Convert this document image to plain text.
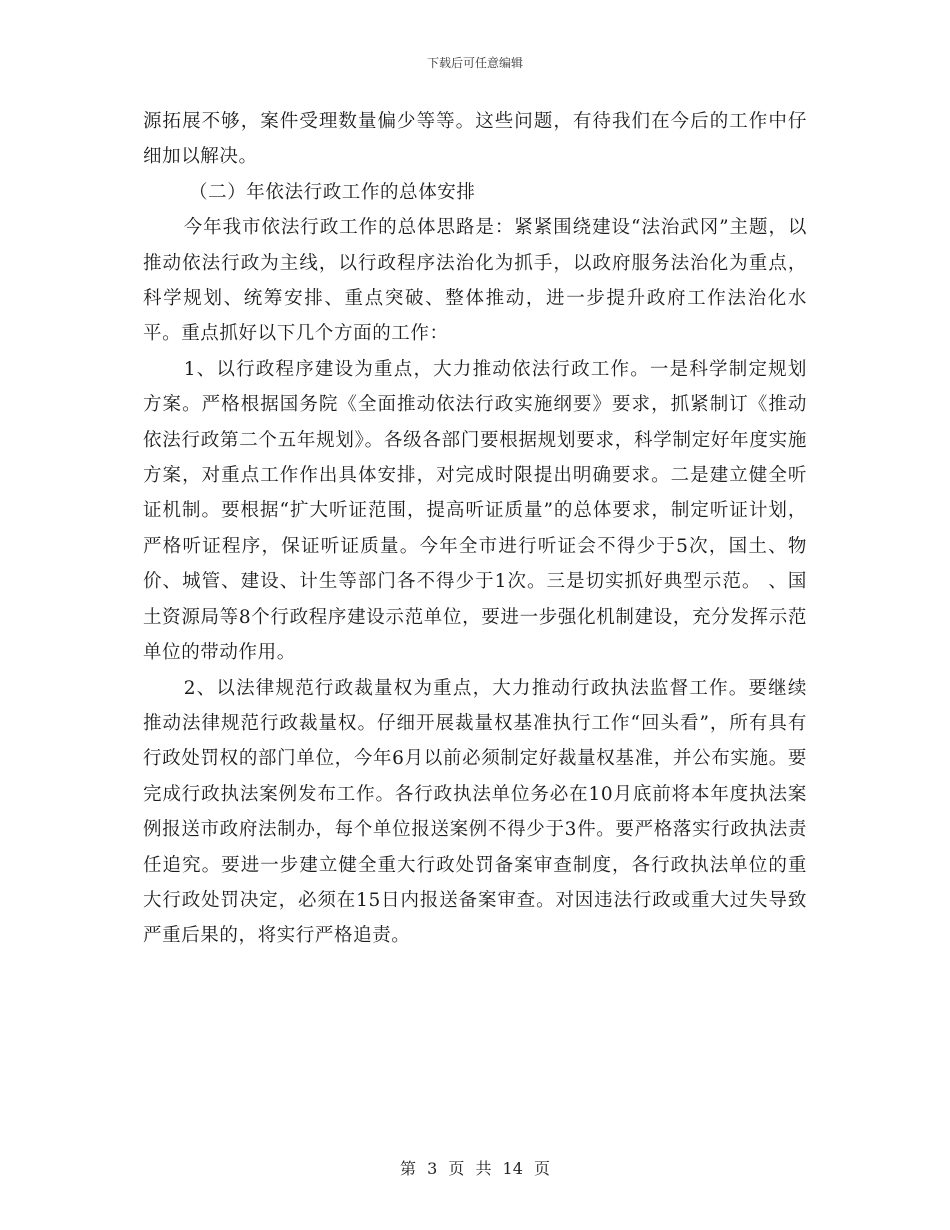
下载后可任意编辑

源拓展不够，案件受理数量偏少等等。这些问题，有待我们在今后的工作中仔细加以解决。

（二）年依法行政工作的总体安排

今年我市依法行政工作的总体思路是：紧紧围绕建设“法治武冈”主题，以推动依法行政为主线，以行政程序法治化为抓手，以政府服务法治化为重点，科学规划、统筹安排、重点突破、整体推动，进一步提升政府工作法治化水平。重点抓好以下几个方面的工作：

1、以行政程序建设为重点，大力推动依法行政工作。一是科学制定规划方案。严格根据国务院《全面推动依法行政实施纲要》要求，抓紧制订《推动依法行政第二个五年规划》。各级各部门要根据规划要求，科学制定好年度实施方案，对重点工作作出具体安排，对完成时限提出明确要求。二是建立健全听证机制。要根据“扩大听证范围，提高听证质量”的总体要求，制定听证计划，严格听证程序，保证听证质量。今年全市进行听证会不得少于5次，国土、物价、城管、建设、计生等部门各不得少于1次。三是切实抓好典型示范。 、国土资源局等8个行政程序建设示范单位，要进一步强化机制建设，充分发挥示范单位的带动作用。

2、以法律规范行政裁量权为重点，大力推动行政执法监督工作。要继续推动法律规范行政裁量权。仔细开展裁量权基准执行工作“回头看”，所有具有行政处罚权的部门单位，今年6月以前必须制定好裁量权基准，并公布实施。要完成行政执法案例发布工作。各行政执法单位务必在10月底前将本年度执法案例报送市政府法制办，每个单位报送案例不得少于3件。要严格落实行政执法责任追究。要进一步建立健全重大行政处罚备案审查制度，各行政执法单位的重大行政处罚决定，必须在15日内报送备案审查。对因违法行政或重大过失导致严重后果的，将实行严格追责。

第 3 页 共 14 页
